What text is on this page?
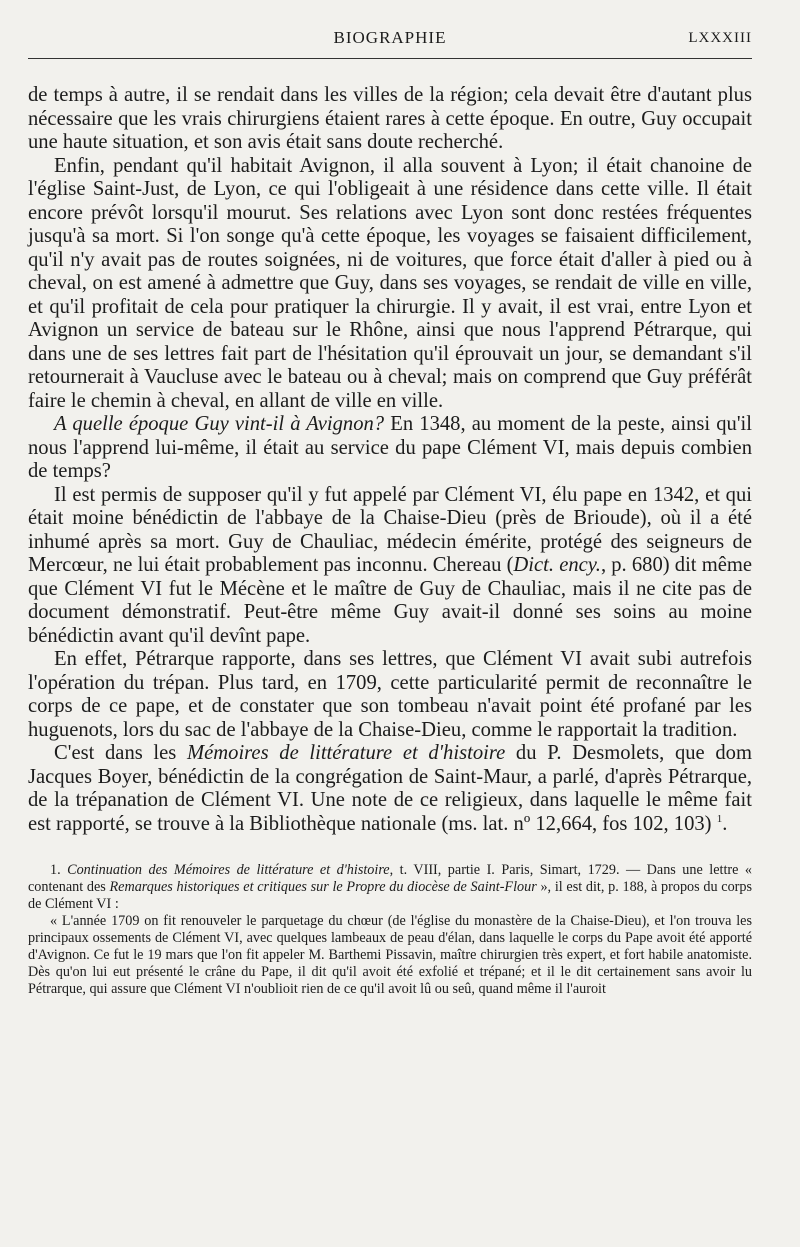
BIOGRAPHIE	LXXXIII

de temps à autre, il se rendait dans les villes de la région; cela devait être d'autant plus nécessaire que les vrais chirurgiens étaient rares à cette époque. En outre, Guy occupait une haute situation, et son avis était sans doute recherché.

Enfin, pendant qu'il habitait Avignon, il alla souvent à Lyon; il était chanoine de l'église Saint-Just, de Lyon, ce qui l'obligeait à une résidence dans cette ville. Il était encore prévôt lorsqu'il mourut. Ses relations avec Lyon sont donc restées fréquentes jusqu'à sa mort. Si l'on songe qu'à cette époque, les voyages se faisaient difficilement, qu'il n'y avait pas de routes soignées, ni de voitures, que force était d'aller à pied ou à cheval, on est amené à admettre que Guy, dans ses voyages, se rendait de ville en ville, et qu'il profitait de cela pour pratiquer la chirurgie. Il y avait, il est vrai, entre Lyon et Avignon un service de bateau sur le Rhône, ainsi que nous l'apprend Pétrarque, qui dans une de ses lettres fait part de l'hésitation qu'il éprouvait un jour, se demandant s'il retournerait à Vaucluse avec le bateau ou à cheval; mais on comprend que Guy préférât faire le chemin à cheval, en allant de ville en ville.

A quelle époque Guy vint-il à Avignon? En 1348, au moment de la peste, ainsi qu'il nous l'apprend lui-même, il était au service du pape Clément VI, mais depuis combien de temps?

Il est permis de supposer qu'il y fut appelé par Clément VI, élu pape en 1342, et qui était moine bénédictin de l'abbaye de la Chaise-Dieu (près de Brioude), où il a été inhumé après sa mort. Guy de Chauliac, médecin émérite, protégé des seigneurs de Mercœur, ne lui était probablement pas inconnu. Chereau (Dict. ency., p. 680) dit même que Clément VI fut le Mécène et le maître de Guy de Chauliac, mais il ne cite pas de document démonstratif. Peut-être même Guy avait-il donné ses soins au moine bénédictin avant qu'il devînt pape.

En effet, Pétrarque rapporte, dans ses lettres, que Clément VI avait subi autrefois l'opération du trépan. Plus tard, en 1709, cette particularité permit de reconnaître le corps de ce pape, et de constater que son tombeau n'avait point été profané par les huguenots, lors du sac de l'abbaye de la Chaise-Dieu, comme le rapportait la tradition.

C'est dans les Mémoires de littérature et d'histoire du P. Desmolets, que dom Jacques Boyer, bénédictin de la congrégation de Saint-Maur, a parlé, d'après Pétrarque, de la trépanation de Clément VI. Une note de ce religieux, dans laquelle le même fait est rapporté, se trouve à la Bibliothèque nationale (ms. lat. nº 12,664, fos 102, 103) $^1$.

1. Continuation des Mémoires de littérature et d'histoire, t. VIII, partie I. Paris, Simart, 1729. — Dans une lettre « contenant des Remarques historiques et critiques sur le Propre du diocèse de Saint-Flour », il est dit, p. 188, à propos du corps de Clément VI :

« L'année 1709 on fit renouveler le parquetage du chœur (de l'église du monastère de la Chaise-Dieu), et l'on trouva les principaux ossements de Clément VI, avec quelques lambeaux de peau d'élan, dans laquelle le corps du Pape avoit été apporté d'Avignon. Ce fut le 19 mars que l'on fit appeler M. Barthemi Pissavin, maître chirurgien très expert, et fort habile anatomiste. Dès qu'on lui eut présenté le crâne du Pape, il dit qu'il avoit été exfolié et trépané; et il le dit certainement sans avoir lu Pétrarque, qui assure que Clément VI n'oublioit rien de ce qu'il avoit lû ou seû, quand même il l'auroit
